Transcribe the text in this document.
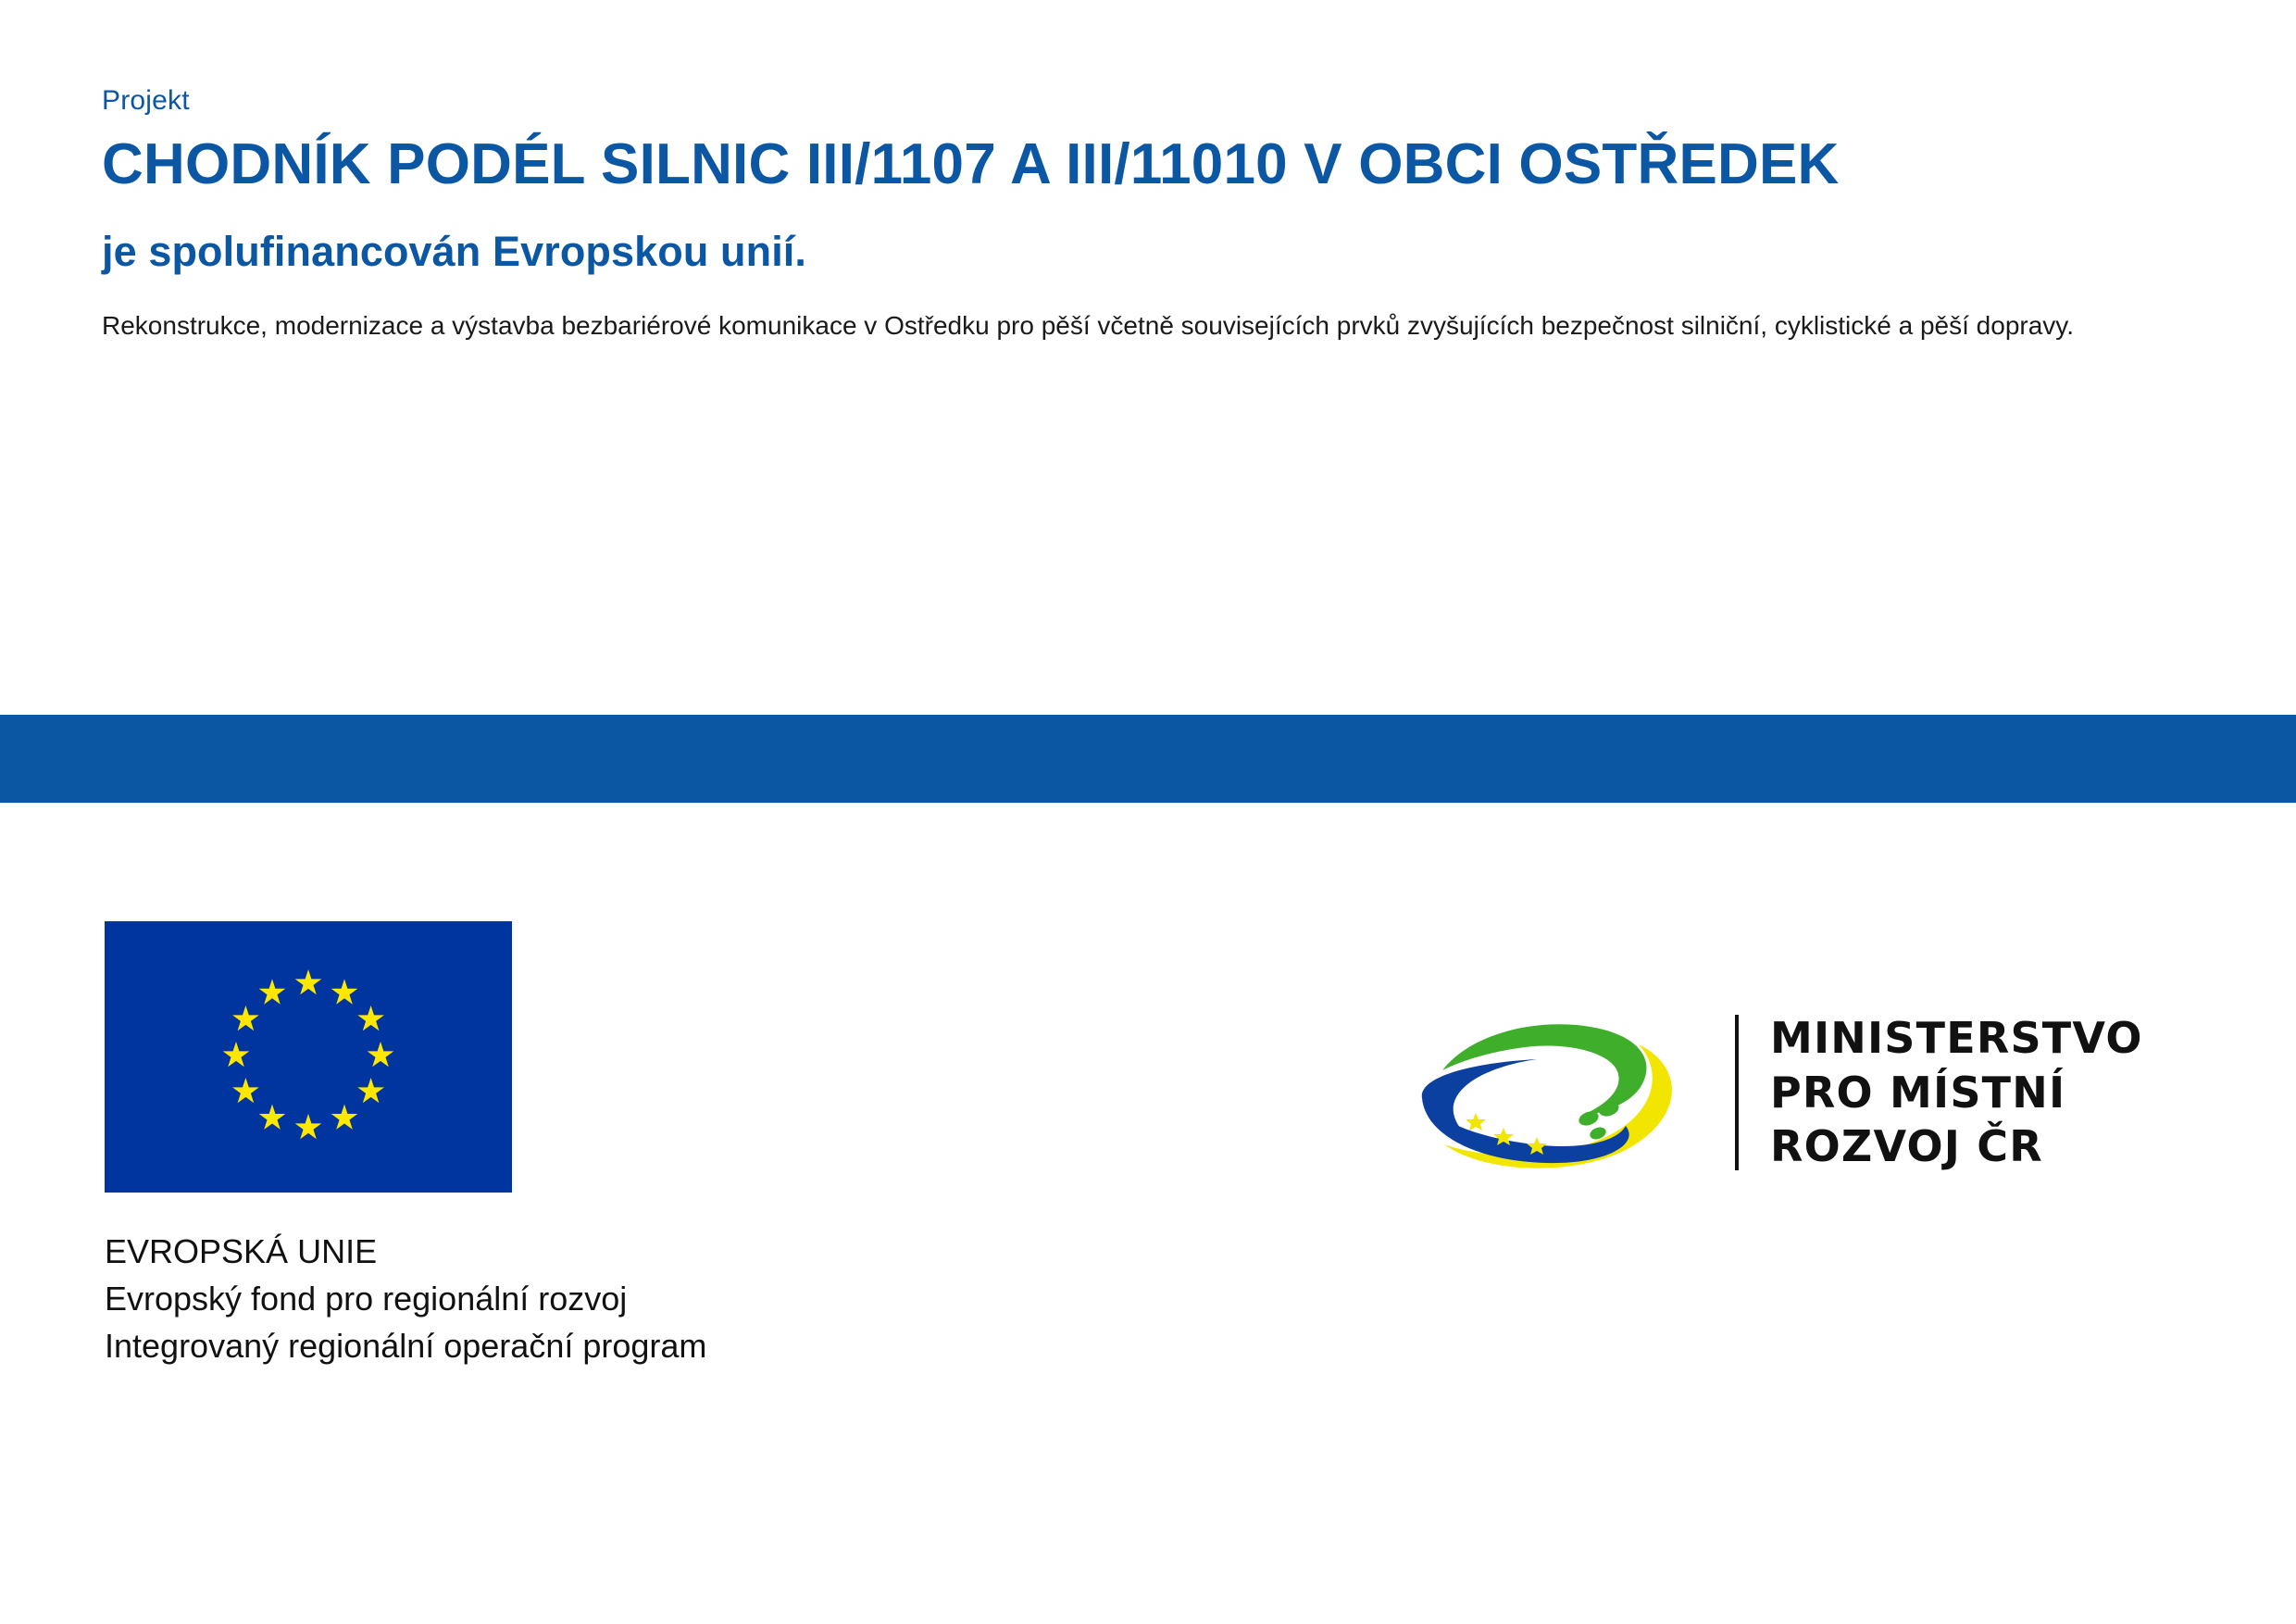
Projekt

CHODNÍK PODÉL SILNIC III/1107 A III/11010 V OBCI OSTŘEDEK

je spolufinancován Evropskou unií.

Rekonstrukce, modernizace a výstavba bezbariérové komunikace v Ostředku pro pěší včetně souvisejících prvků zvyšujících bezpečnost silniční, cyklistické a pěší dopravy.

EVROPSKÁ UNIE
Evropský fond pro regionální rozvoj
Integrovaný regionální operační program
MINISTERSTVO
PRO MÍSTNÍ
ROZVOJ ČR
